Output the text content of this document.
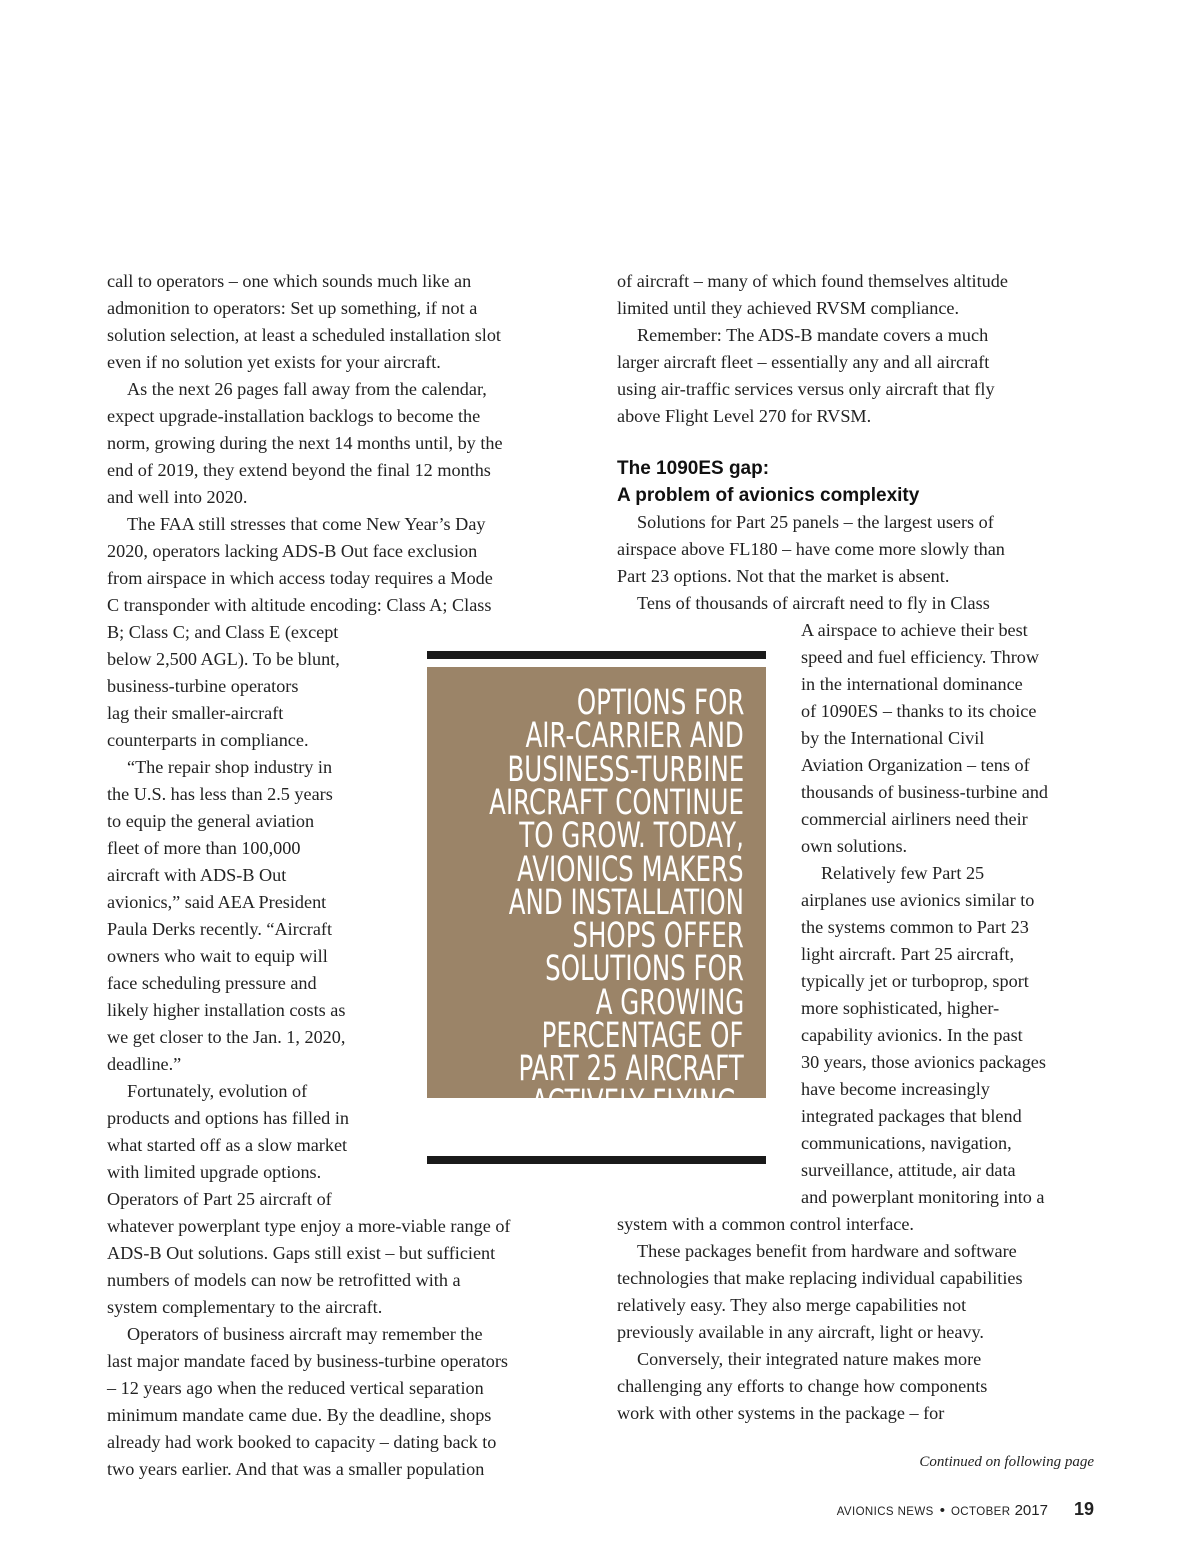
call to operators – one which sounds much like an

admonition to operators: Set up something, if not a

solution selection, at least a scheduled installation slot

even if no solution yet exists for your aircraft.

As the next 26 pages fall away from the calendar,

expect upgrade-installation backlogs to become the

norm, growing during the next 14 months until, by the

end of 2019, they extend beyond the final 12 months

and well into 2020.

The FAA still stresses that come New Year’s Day

2020, operators lacking ADS-B Out face exclusion

from airspace in which access today requires a Mode

C transponder with altitude encoding: Class A; Class

B; Class C; and Class E (except

below 2,500 AGL). To be blunt,

business-turbine operators

lag their smaller-aircraft

counterparts in compliance.

“The repair shop industry in

the U.S. has less than 2.5 years

to equip the general aviation

fleet of more than 100,000

aircraft with ADS-B Out

avionics,” said AEA President

Paula Derks recently. “Aircraft

owners who wait to equip will

face scheduling pressure and

likely higher installation costs as

we get closer to the Jan. 1, 2020,

deadline.”

Fortunately, evolution of

products and options has filled in

what started off as a slow market

with limited upgrade options.

Operators of Part 25 aircraft of

whatever powerplant type enjoy a more-viable range of

ADS-B Out solutions. Gaps still exist – but sufficient

numbers of models can now be retrofitted with a

system complementary to the aircraft.

Operators of business aircraft may remember the

last major mandate faced by business-turbine operators

– 12 years ago when the reduced vertical separation

minimum mandate came due. By the deadline, shops

already had work booked to capacity – dating back to

two years earlier. And that was a smaller population

of aircraft – many of which found themselves altitude

limited until they achieved RVSM compliance.

Remember: The ADS-B mandate covers a much

larger aircraft fleet – essentially any and all aircraft

using air-traffic services versus only aircraft that fly

above Flight Level 270 for RVSM.

The 1090ES gap:
A problem of avionics complexity

Solutions for Part 25 panels – the largest users of

airspace above FL180 – have come more slowly than

Part 23 options. Not that the market is absent.

Tens of thousands of aircraft need to fly in Class

A airspace to achieve their best

speed and fuel efficiency. Throw

in the international dominance

of 1090ES – thanks to its choice

by the International Civil

Aviation Organization – tens of

thousands of business-turbine and

commercial airliners need their

own solutions.

Relatively few Part 25

airplanes use avionics similar to

the systems common to Part 23

light aircraft. Part 25 aircraft,

typically jet or turboprop, sport

more sophisticated, higher-

capability avionics. In the past

30 years, those avionics packages

have become increasingly

integrated packages that blend

communications, navigation,

surveillance, attitude, air data

and powerplant monitoring into a

system with a common control interface.

These packages benefit from hardware and software

technologies that make replacing individual capabilities

relatively easy. They also merge capabilities not

previously available in any aircraft, light or heavy.

Conversely, their integrated nature makes more

challenging any efforts to change how components

work with other systems in the package – for

OPTIONS FOR
AIR-CARRIER AND
BUSINESS-TURBINE
AIRCRAFT CONTINUE
TO GROW. TODAY,
AVIONICS MAKERS
AND INSTALLATION
SHOPS OFFER
SOLUTIONS FOR
A GROWING
PERCENTAGE OF
PART 25 AIRCRAFT
ACTIVELY FLYING.
Continued on following page
AVIONICS NEWS • OCTOBER 2017 19
